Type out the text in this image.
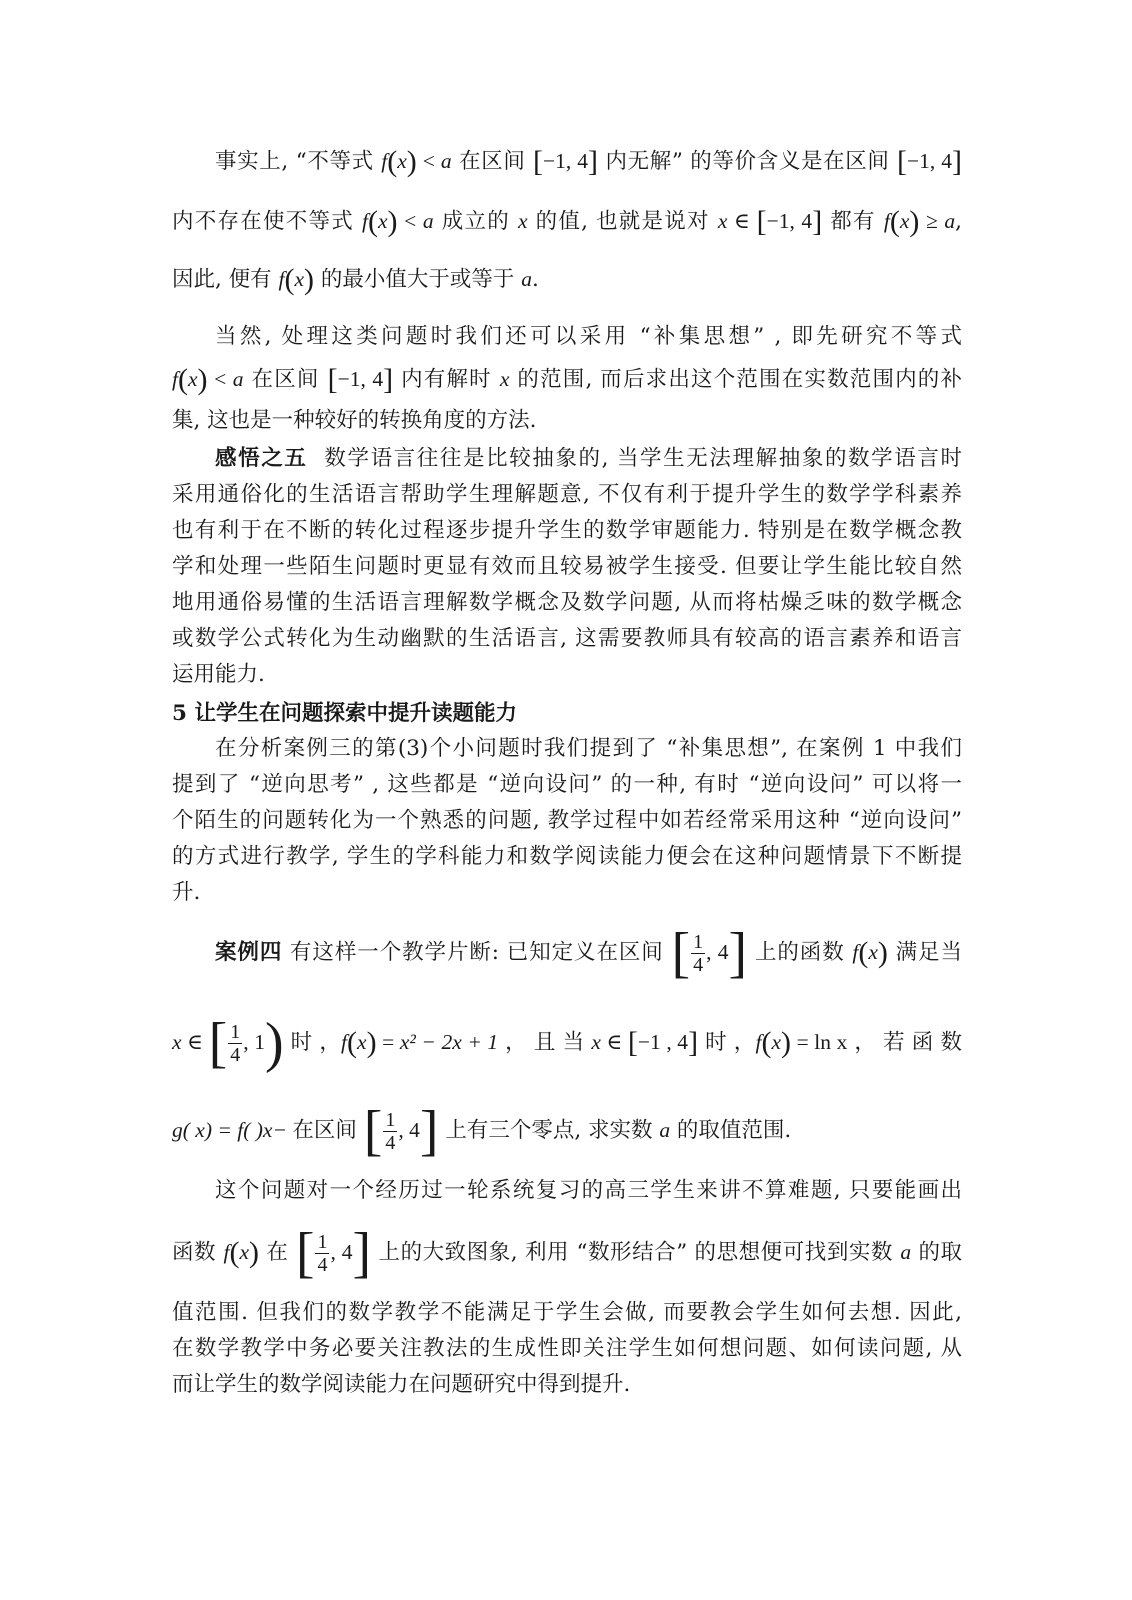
事实上, “不等式 f(x) < a 在区间 [−1, 4] 内无解” 的等价含义是在区间 [−1, 4]
内不存在使不等式 f(x) < a 成立的 x 的值, 也就是说对 x ∈ [−1, 4] 都有 f(x) ≥ a,
因此, 便有 f(x) 的最小值大于或等于 a.
当然, 处理这类问题时我们还可以采用 “补集思想” , 即先研究不等式
f(x) < a 在区间 [−1, 4] 内有解时 x 的范围, 而后求出这个范围在实数范围内的补
集, 这也是一种较好的转换角度的方法.
感悟之五 数学语言往往是比较抽象的, 当学生无法理解抽象的数学语言时
采用通俗化的生活语言帮助学生理解题意, 不仅有利于提升学生的数学学科素养
也有利于在不断的转化过程逐步提升学生的数学审题能力. 特别是在数学概念教
学和处理一些陌生问题时更显有效而且较易被学生接受. 但要让学生能比较自然
地用通俗易懂的生活语言理解数学概念及数学问题, 从而将枯燥乏味的数学概念
或数学公式转化为生动幽默的生活语言, 这需要教师具有较高的语言素养和语言
运用能力.
5 让学生在问题探索中提升读题能力
在分析案例三的第(3)个小问题时我们提到了 “补集思想”, 在案例 1 中我们
提到了 “逆向思考” , 这些都是 “逆向设问” 的一种, 有时 “逆向设问” 可以将一
个陌生的问题转化为一个熟悉的问题, 教学过程中如若经常采用这种 “逆向设问”
的方式进行教学, 学生的学科能力和数学阅读能力便会在这种问题情景下不断提
升.
案例四 有这样一个教学片断: 已知定义在区间 [ $\frac{1}{4}$ , 4] 上的函数 f(x) 满足当
x ∈ [ $\frac{1}{4}$ , 1) 时 ，f(x) = x² − 2x + 1 ， 且 当 x ∈ [−1 , 4] 时 ，f(x) = ln x ， 若 函 数
g( x) = f( )x− 在区间 [ $\frac{1}{4}$ , 4] 上有三个零点, 求实数 a 的取值范围.
这个问题对一个经历过一轮系统复习的高三学生来讲不算难题, 只要能画出
函数 f(x) 在 [ $\frac{1}{4}$ , 4] 上的大致图象, 利用 “数形结合” 的思想便可找到实数 a 的取
值范围. 但我们的数学教学不能满足于学生会做, 而要教会学生如何去想. 因此,
在数学教学中务必要关注教法的生成性即关注学生如何想问题、如何读问题, 从
而让学生的数学阅读能力在问题研究中得到提升.
